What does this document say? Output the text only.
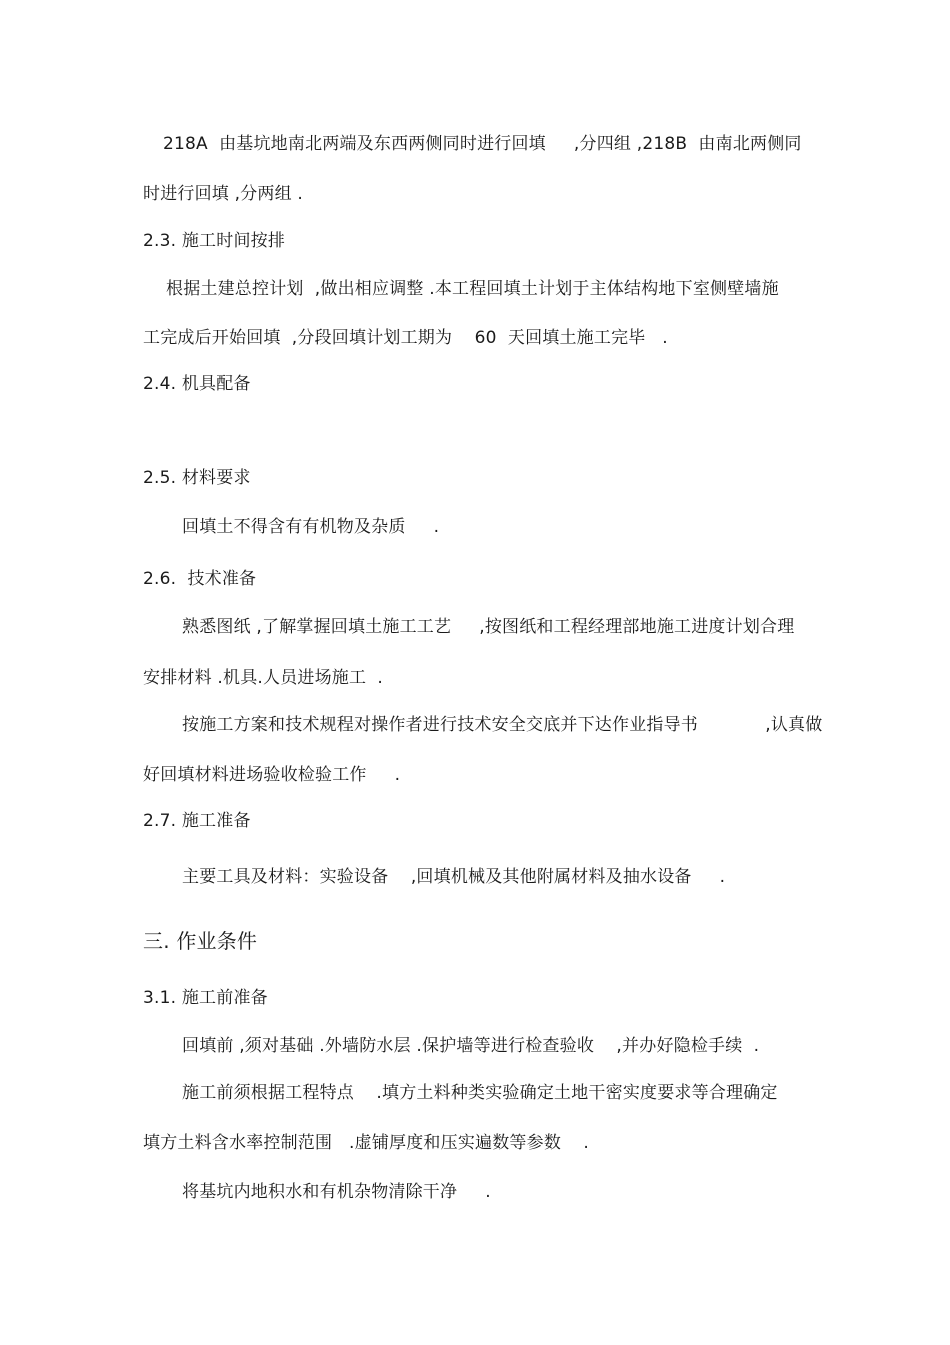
218A  由基坑地南北两端及东西两侧同时进行回填     ,分四组 ,218B  由南北两侧同
时进行回填 ,分两组 .
2.3. 施工时间按排
根据土建总控计划  ,做出相应调整 .本工程回填土计划于主体结构地下室侧壁墙施
工完成后开始回填  ,分段回填计划工期为    60  天回填土施工完毕   .
2.4. 机具配备
2.5. 材料要求
回填土不得含有有机物及杂质     .
2.6.  技术准备
熟悉图纸 ,了解掌握回填土施工工艺     ,按图纸和工程经理部地施工进度计划合理
安排材料 .机具.人员进场施工  .
按施工方案和技术规程对操作者进行技术安全交底并下达作业指导书            ,认真做
好回填材料进场验收检验工作     .
2.7. 施工准备
主要工具及材料：实验设备    ,回填机械及其他附属材料及抽水设备     .
三. 作业条件
3.1. 施工前准备
回填前 ,须对基础 .外墙防水层 .保护墙等进行检查验收    ,并办好隐检手续  .
施工前须根据工程特点    .填方土料种类实验确定土地干密实度要求等合理确定
填方土料含水率控制范围   .虚铺厚度和压实遍数等参数    .
将基坑内地积水和有机杂物清除干净     .
